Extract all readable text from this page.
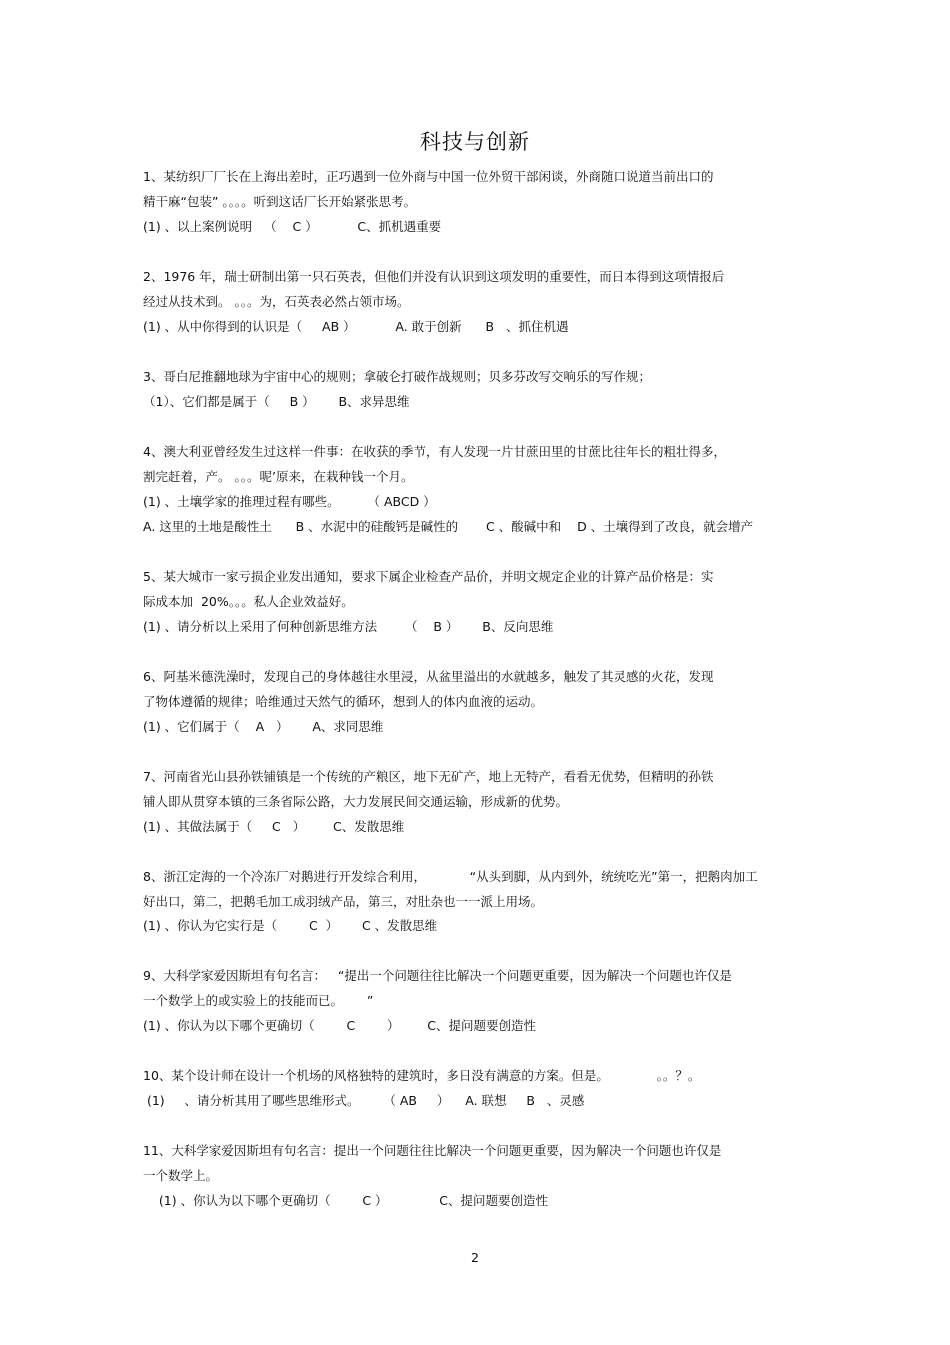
科技与创新
1、某纺织厂厂长在上海出差时，正巧遇到一位外商与中国一位外贸干部闲谈，外商随口说道当前出口的
精干麻“包装” 。。。。听到这话厂长开始紧张思考。
(1) 、以上案例说明   （    C ）          C、抓机遇重要
2、1976 年，瑞士研制出第一只石英表，但他们并没有认识到这项发明的重要性，而日本得到这项情报后
经过从技术到。 。。。为，石英表必然占领市场。
(1) 、从中你得到的认识是（     AB ）          A. 敢于创新      B   、抓住机遇
3、哥白尼推翻地球为宇宙中心的规则；拿破仑打破作战规则；贝多芬改写交响乐的写作规；
（1）、它们都是属于（     B ）      B、求异思维
4、澳大利亚曾经发生过这样一件事：在收获的季节，有人发现一片甘蔗田里的甘蔗比往年长的粗壮得多，
割完赶着，产。 。。。呢’原来，在栽种钱一个月。
(1) 、土壤学家的推理过程有哪些。       （ ABCD ）
A. 这里的土地是酸性土      B 、水泥中的硅酸钙是碱性的       C 、酸碱中和    D 、土壤得到了改良，就会增产
5、某大城市一家亏损企业发出通知，要求下属企业检查产品价，并明文规定企业的计算产品价格是：实
际成本加  20%。。。私人企业效益好。
(1) 、请分析以上采用了何种创新思维方法       （    B ）      B、反向思维
6、阿基米德洗澡时，发现自己的身体越往水里浸，从盆里溢出的水就越多，触发了其灵感的火花，发现
了物体遵循的规律；哈维通过天然气的循环，想到人的体内血液的运动。
(1) 、它们属于（    A   ）      A、求同思维
7、河南省光山县孙铁铺镇是一个传统的产粮区，地下无矿产，地上无特产，看看无优势，但精明的孙铁
铺人即从贯穿本镇的三条省际公路，大力发展民间交通运输，形成新的优势。
(1) 、其做法属于（     C   ）       C、发散思维
8、浙江定海的一个冷冻厂对鹅进行开发综合利用，           “从头到脚，从内到外，统统吃光”第一，把鹅肉加工
好出口，第二，把鹅毛加工成羽绒产品，第三，对肚杂也一一派上用场。
(1) 、你认为它实行是（        C  ）      C 、发散思维
9、大科学家爱因斯坦有句名言：   “提出一个问题往往比解决一个问题更重要，因为解决一个问题也许仅是
一个数学上的或实验上的技能而已。      ”
(1) 、你认为以下哪个更确切（        C        ）       C、提问题要创造性
10、某个设计师在设计一个机场的风格独特的建筑时，多日没有满意的方案。但是。            。。？。
(1)     、请分析其用了哪些思维形式。      （ AB     ）    A. 联想     B   、灵感
11、大科学家爱因斯坦有句名言：提出一个问题往往比解决一个问题更重要，因为解决一个问题也许仅是
一个数学上。
(1) 、你认为以下哪个更确切（        C ）             C、提问题要创造性
2
